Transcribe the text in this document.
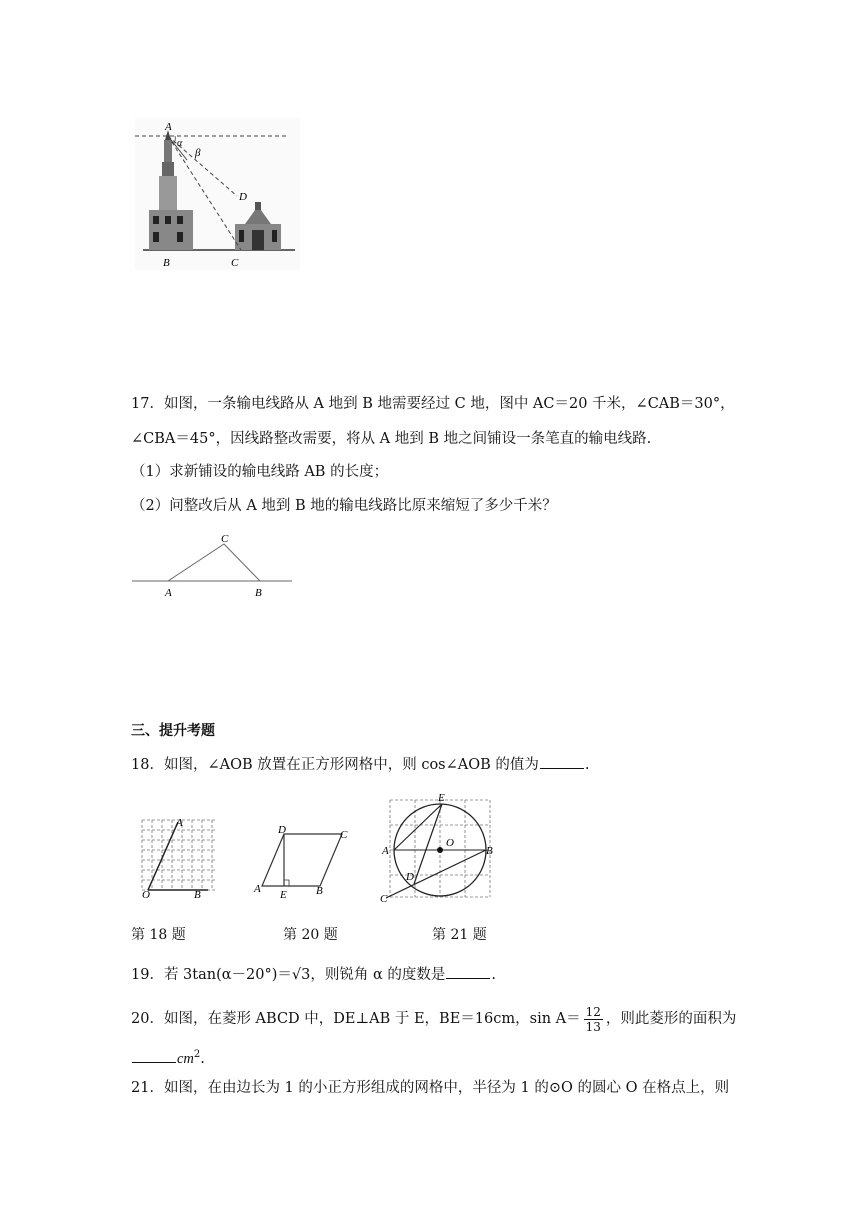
A
α
β
D
B	C
17．如图，一条输电线路从 A 地到 B 地需要经过 C 地，图中 AC＝20 千米，∠CAB＝30°，
∠CBA＝45°，因线路整改需要，将从 A 地到 B 地之间铺设一条笔直的输电线路.
（1）求新铺设的输电线路 AB 的长度；
（2）问整改后从 A 地到 B 地的输电线路比原来缩短了多少千米？
C
A	B
三、提升考题
18．如图，∠AOB 放置在正方形网格中，则 cos∠AOB 的值为	.
A
O	B
D	C
A E	B
E
A
O
B
D
C
第 18 题	第 20 题	第 21 题
19．若 3tan(α－20°)＝√3，则锐角 α 的度数是	.
20．如图，在菱形 ABCD 中，DE⊥AB 于 E，BE＝16cm，$\sin A= \frac{12}{13}$ ，则此菱形的面积为
$cm^2$.
21．如图，在由边长为 1 的小正方形组成的网格中，半径为 1 的⊙O 的圆心 O 在格点上，则
